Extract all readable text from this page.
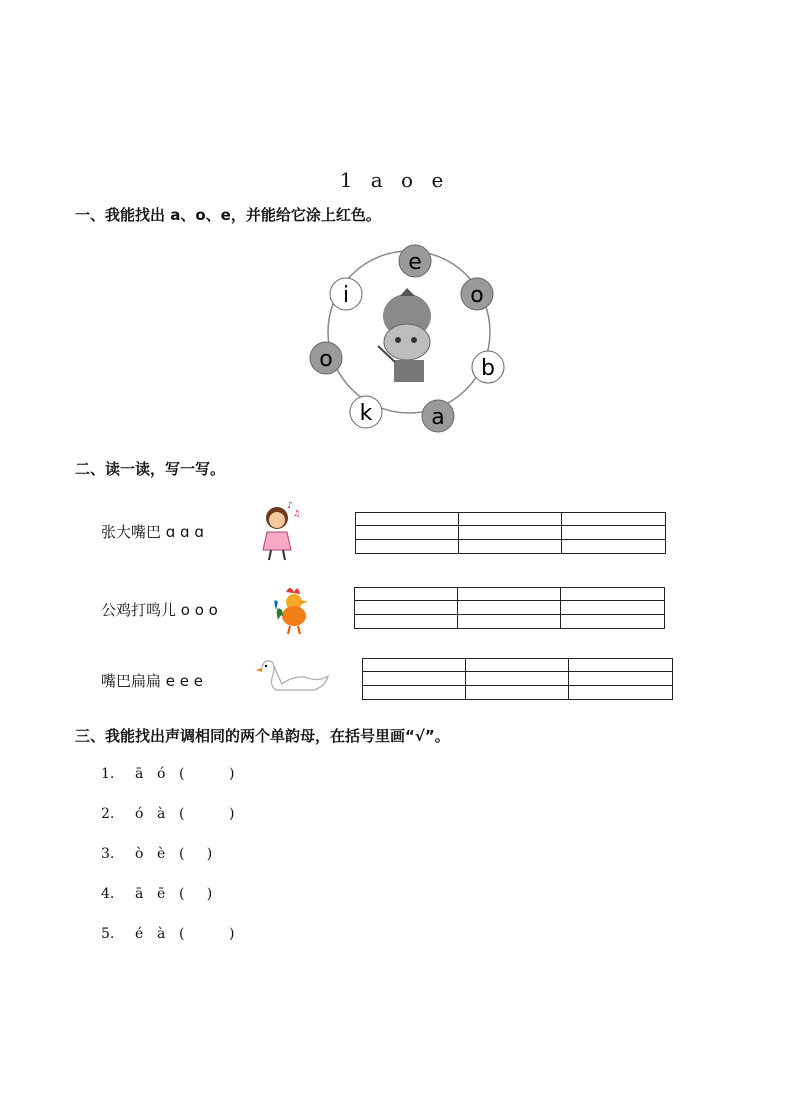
1 a o e
一、我能找出 a、o、e，并能给它涂上红色。
e
o
b
a
k
o
i
二、读一读，写一写。
张大嘴巴 ɑ ɑ ɑ
♪
♫
公鸡打鸣儿 o o o
嘴巴扁扁 e e e
三、我能找出声调相同的两个单韵母，在括号里画“√”。
1. ā ó (          )
2. ó à (          )
3. ò è (     )
4. ā ē (     )
5. é à (          )
